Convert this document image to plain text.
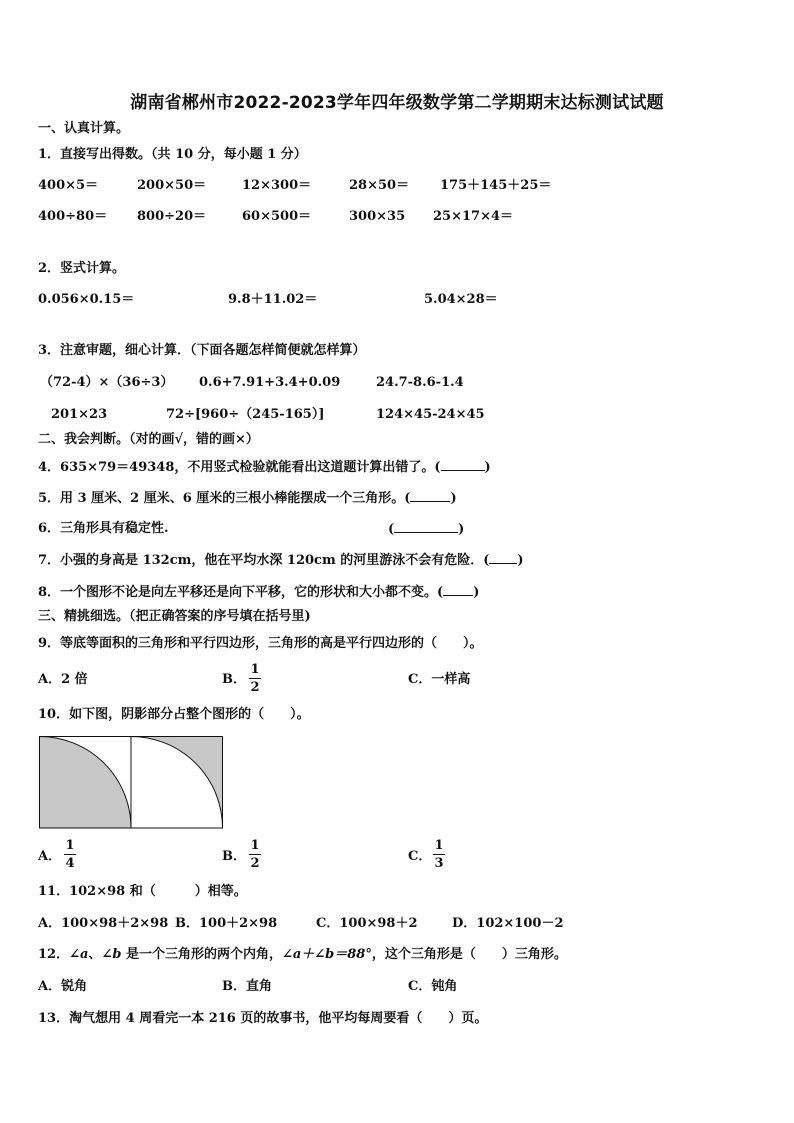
湖南省郴州市2022-2023学年四年级数学第二学期期末达标测试试题
一、认真计算。
1．直接写出得数。（共 10 分，每小题 1 分）
400×5＝	200×50＝	12×300＝	28×50＝ 175＋145＋25＝
400÷80＝ 800÷20＝	60×500＝	300×35 25×17×4＝
2．竖式计算。
0.056×0.15＝	9.8＋11.02＝	5.04×28＝
3．注意审题，细心计算．（下面各题怎样简便就怎样算）
（72-4）×（36÷3） 0.6+7.91+3.4+0.09	24.7-8.6-1.4
201×23	72÷[960÷（245-165）]	124×45-24×45
二、我会判断。（对的画√，错的画×）
4．635×79＝49348，不用竖式检验就能看出这道题计算出错了。(	)
5．用 3 厘米、2 厘米、6 厘米的三根小棒能摆成一个三角形。(	)
6．三角形具有稳定性.	(	)
7．小强的身高是 132cm，他在平均水深 120cm 的河里游泳不会有危险．( )
8．一个图形不论是向左平移还是向下平移，它的形状和大小都不变。( )
三、精挑细选。（把正确答案的序号填在括号里)
9．等底等面积的三角形和平行四边形，三角形的高是平行四边形的（　　）。
A．2 倍	B．
1
2
C．一样高
10．如下图，阴影部分占整个图形的（　　）。
A．
1
4	B．
1
2	C．
1
3
11．102×98 和（　　　）相等。
A．100×98＋2×98 B．100＋2×98	C．100×98＋2	D．102×100－2
12．∠a、∠b 是一个三角形的两个内角，∠a＋∠b＝88°，这个三角形是（　　）三角形。
A．锐角	B．直角	C．钝角
13．淘气想用 4 周看完一本 216 页的故事书，他平均每周要看（　　）页。
